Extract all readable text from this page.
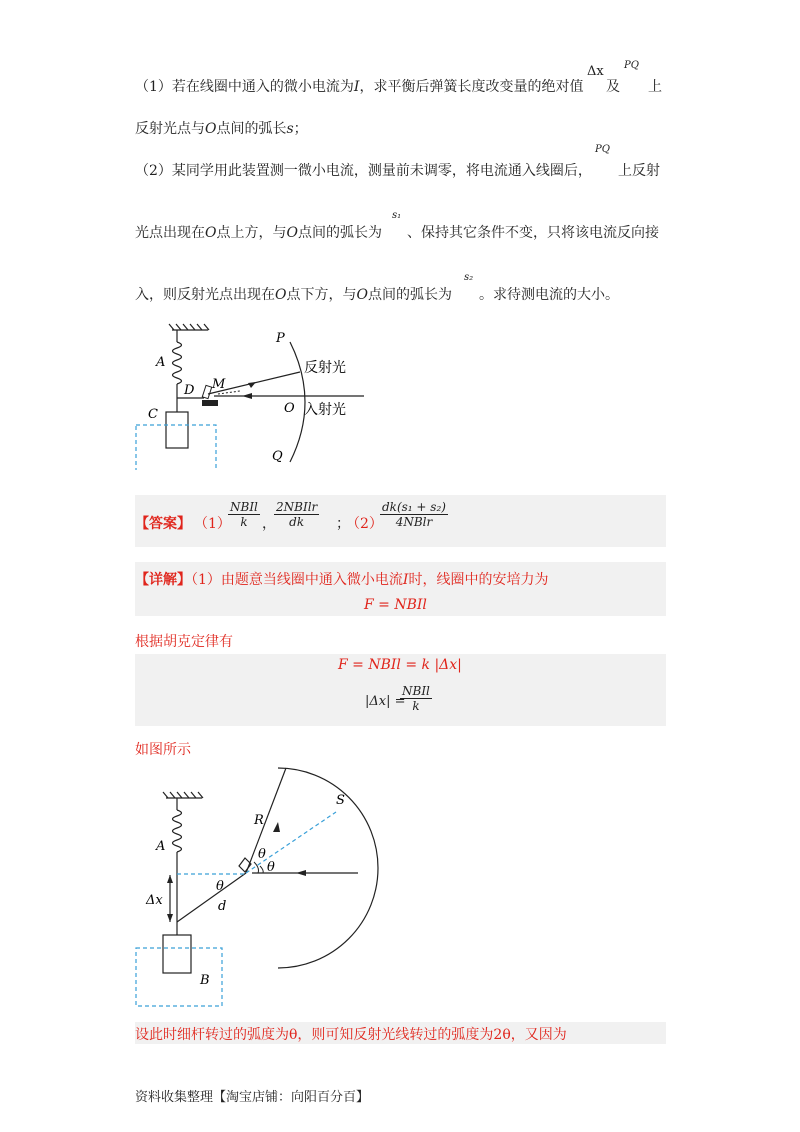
（1）若在线圈中通入的微小电流为I，求平衡后弹簧长度改变量的绝对值
Δx
及
PQ
上
反射光点与O点间的弧长s；
（2）某同学用此装置测一微小电流，测量前未调零，将电流通入线圈后，
PQ
上反射
光点出现在O点上方，与O点间的弧长为
s₁
、保持其它条件不变，只将该电流反向接
入，则反射光点出现在O点下方，与O点间的弧长为
s₂
。求待测电流的大小。
A
D M
C
P
Q
O
反射光
入射光
【答案】 （1）
NBIl
k	，
2NBIlr
dk	；
（2）
dk(s₁ + s₂)
4NBlr
【详解】（1）由题意当线圈中通入微小电流I时，线圈中的安培力为
F = NBIl
根据胡克定律有
F = NBIl = k |Δx|
|Δx| =
NBIl
k
如图所示
A
R
S
θ
θ
θ
d
Δx
B
设此时细杆转过的弧度为θ，则可知反射光线转过的弧度为2θ，又因为
资料收集整理【淘宝店铺：向阳百分百】
